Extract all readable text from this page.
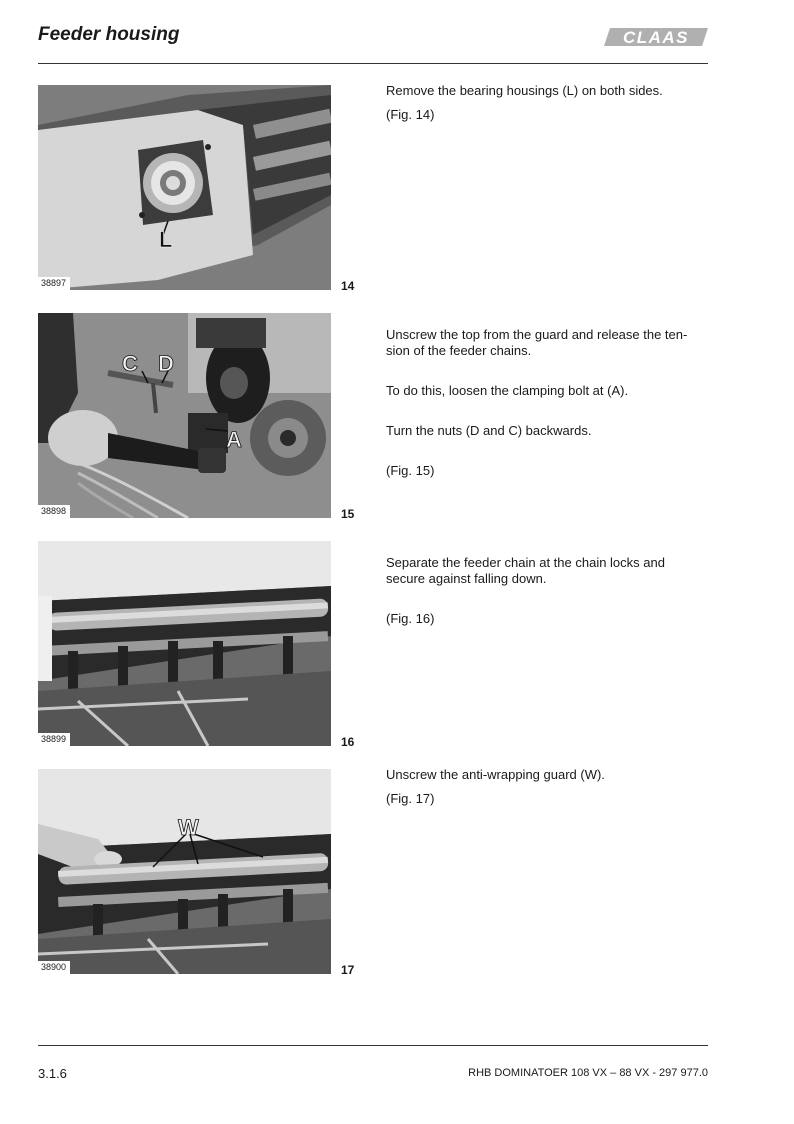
Feeder housing	CLAAS
L
38897	14

Remove the bearing housings (L) on both sides.

(Fig. 14)

C D
A
38898	15

Unscrew the top from the guard and release the ten-
sion of the feeder chains.

To do this, loosen the clamping bolt at (A).

Turn the nuts (D and C) backwards.

(Fig. 15)

38899	16

Separate the feeder chain at the chain locks and
secure against falling down.

(Fig. 16)

W
38900	17

Unscrew the anti-wrapping guard (W).

(Fig. 17)

3.1.6	RHB DOMINATOER 108 VX – 88 VX - 297 977.0
